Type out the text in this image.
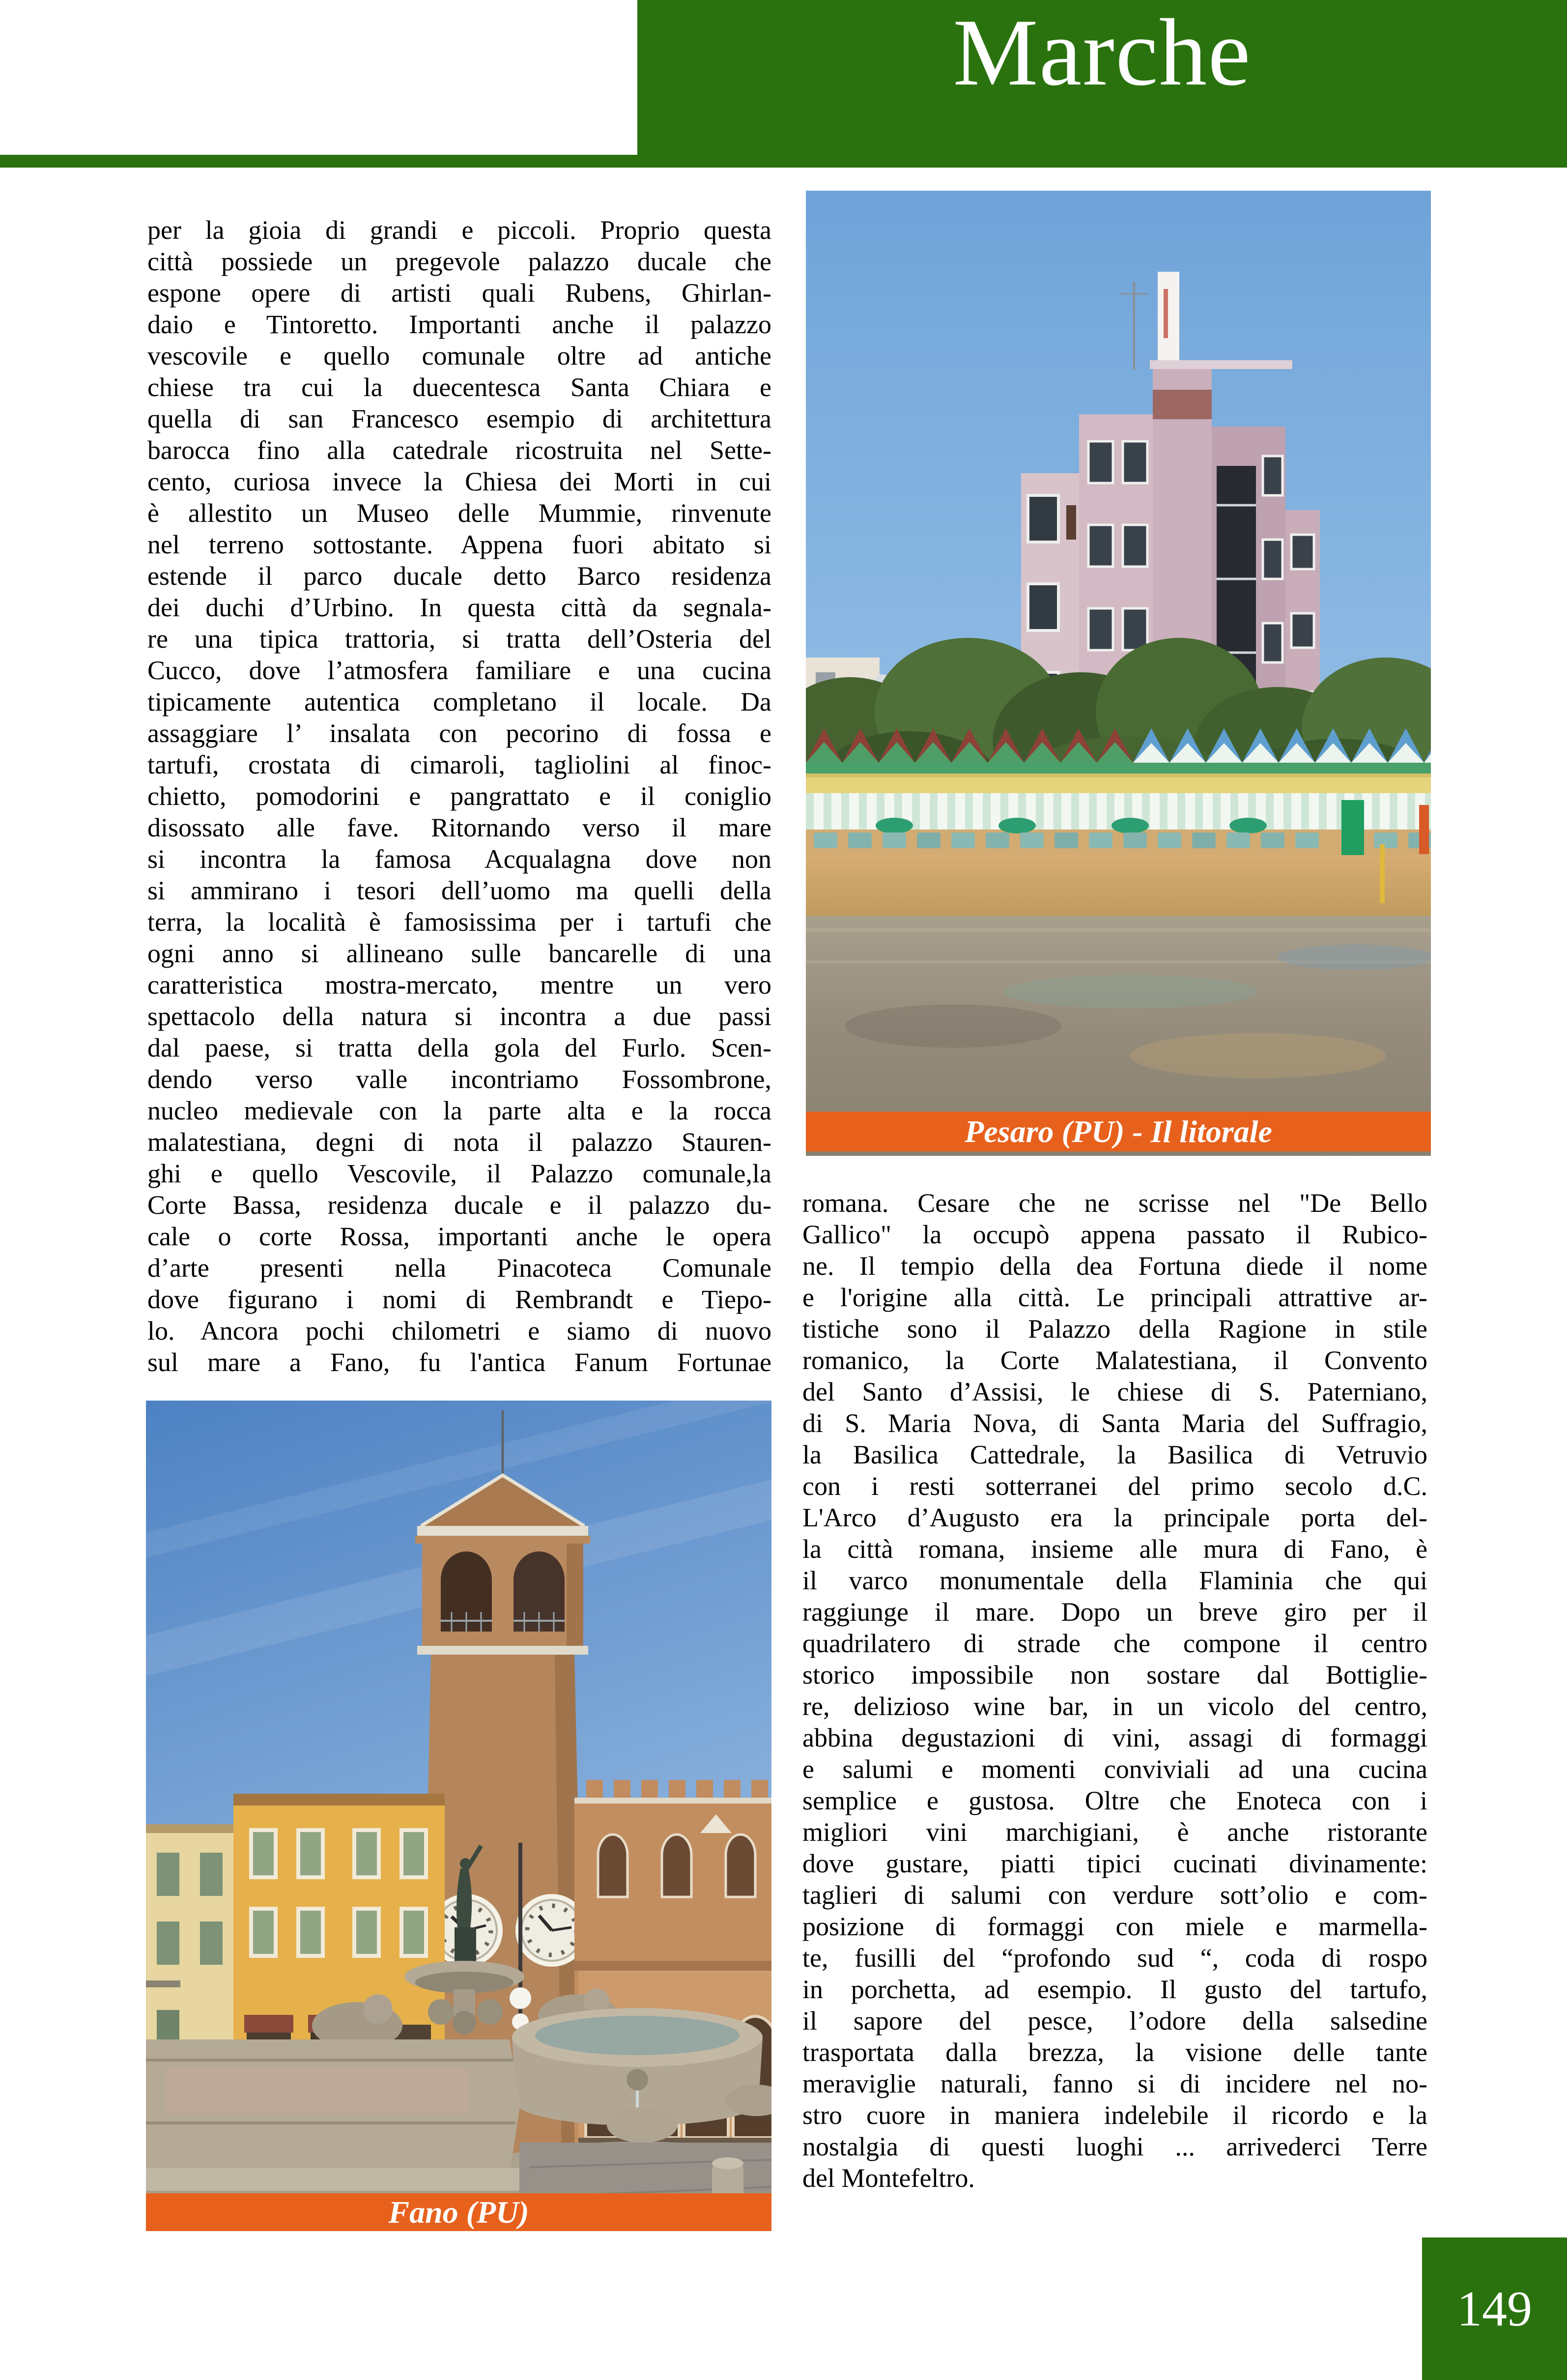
Marche
per la gioia di grandi e piccoli. Proprio questa
città possiede un pregevole palazzo ducale che
espone opere di artisti quali Rubens, Ghirlan-
daio e Tintoretto. Importanti anche il palazzo
vescovile e quello comunale oltre ad antiche
chiese tra cui la duecentesca Santa Chiara e
quella di san Francesco esempio di architettura
barocca fino alla catedrale ricostruita nel Sette-
cento, curiosa invece la Chiesa dei Morti in cui
è allestito un Museo delle Mummie, rinvenute
nel terreno sottostante. Appena fuori abitato si
estende il parco ducale detto Barco residenza
dei duchi d’Urbino. In questa città da segnala-
re una tipica trattoria, si tratta dell’Osteria del
Cucco, dove l’atmosfera familiare e una cucina
tipicamente autentica completano il locale. Da
assaggiare l’ insalata con pecorino di fossa e
tartufi, crostata di cimaroli, tagliolini al finoc-
chietto, pomodorini e pangrattato e il coniglio
disossato alle fave. Ritornando verso il mare
si incontra la famosa Acqualagna dove non
si ammirano i tesori dell’uomo ma quelli della
terra, la località è famosissima per i tartufi che
ogni anno si allineano sulle bancarelle di una
caratteristica mostra-mercato, mentre un vero
spettacolo della natura si incontra a due passi
dal paese, si tratta della gola del Furlo. Scen-
dendo verso valle incontriamo Fossombrone,
nucleo medievale con la parte alta e la rocca
malatestiana, degni di nota il palazzo Stauren-
ghi e quello Vescovile, il Palazzo comunale,la
Corte Bassa, residenza ducale e il palazzo du-
cale o corte Rossa, importanti anche le opera
d’arte presenti nella Pinacoteca Comunale
dove figurano i nomi di Rembrandt e Tiepo-
lo. Ancora pochi chilometri e siamo di nuovo
sul mare a Fano, fu l'antica Fanum Fortunae
romana. Cesare che ne scrisse nel "De Bello
Gallico" la occupò appena passato il Rubico-
ne. Il tempio della dea Fortuna diede il nome
e l'origine alla città. Le principali attrattive ar-
tistiche sono il Palazzo della Ragione in stile
romanico, la Corte Malatestiana, il Convento
del Santo d’Assisi, le chiese di S. Paterniano,
di S. Maria Nova, di Santa Maria del Suffragio,
la Basilica Cattedrale, la Basilica di Vetruvio
con i resti sotterranei del primo secolo d.C.
L'Arco d’Augusto era la principale porta del-
la città romana, insieme alle mura di Fano, è
il varco monumentale della Flaminia che qui
raggiunge il mare. Dopo un breve giro per il
quadrilatero di strade che compone il centro
storico impossibile non sostare dal Bottiglie-
re, delizioso wine bar, in un vicolo del centro,
abbina degustazioni di vini, assagi di formaggi
e salumi e momenti conviviali ad una cucina
semplice e gustosa. Oltre che Enoteca con i
migliori vini marchigiani, è anche ristorante
dove gustare, piatti tipici cucinati divinamente:
taglieri di salumi con verdure sott’olio e com-
posizione di formaggi con miele e marmella-
te, fusilli del “profondo sud “, coda di rospo
in porchetta, ad esempio. Il gusto del tartufo,
il sapore del pesce, l’odore della salsedine
trasportata dalla brezza, la visione delle tante
meraviglie naturali, fanno si di incidere nel no-
stro cuore in maniera indelebile il ricordo e la
nostalgia di questi luoghi ... arrivederci Terre
del Montefeltro.
Pesaro (PU) - Il litorale
Fano (PU)
149
